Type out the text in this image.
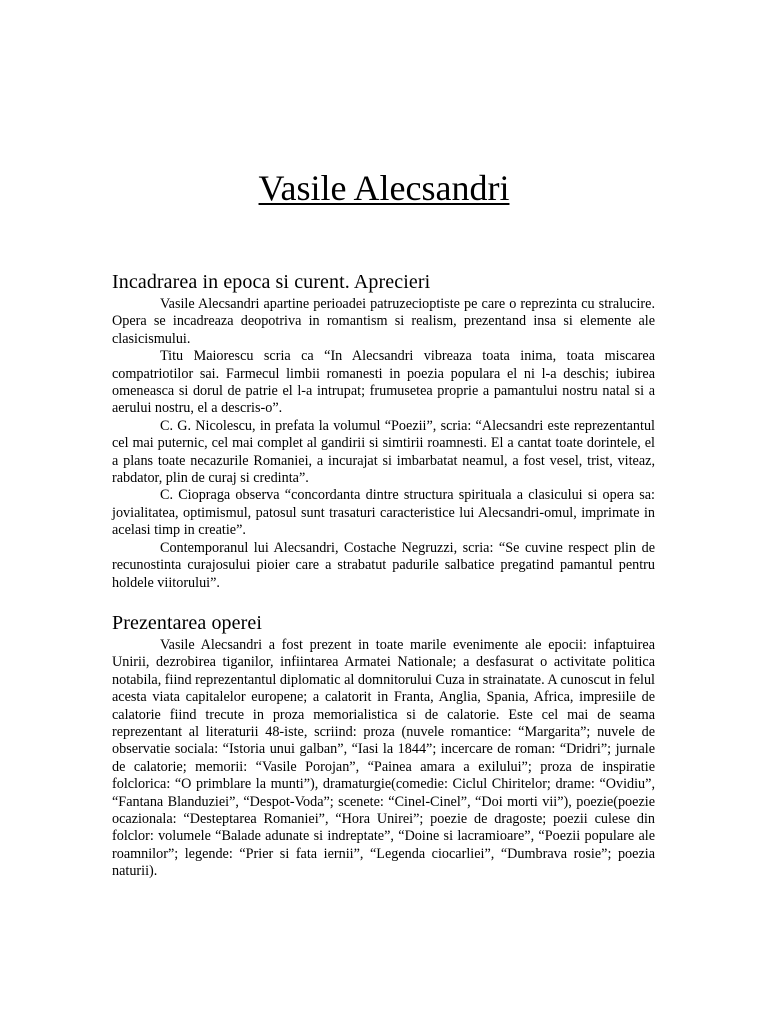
Vasile Alecsandri
Incadrarea in epoca si curent. Aprecieri

Vasile Alecsandri apartine perioadei patruzecioptiste pe care o reprezinta cu stralucire. Opera se incadreaza deopotriva in romantism si realism, prezentand insa si elemente ale clasicismului.

Titu Maiorescu scria ca “In Alecsandri vibreaza toata inima, toata miscarea compatriotilor sai. Farmecul limbii romanesti in poezia populara el ni l-a deschis; iubirea omeneasca si dorul de patrie el l-a intrupat; frumusetea proprie a pamantului nostru natal si a aerului nostru, el a descris-o”.

C. G. Nicolescu, in prefata la volumul “Poezii”, scria: “Alecsandri este reprezentantul cel mai puternic, cel mai complet al gandirii si simtirii roamnesti. El a cantat toate dorintele, el a plans toate necazurile Romaniei, a incurajat si imbarbatat neamul, a fost vesel, trist, viteaz, rabdator, plin de curaj si credinta”.

C. Ciopraga observa “concordanta dintre structura spirituala a clasicului si opera sa: jovialitatea, optimismul, patosul sunt trasaturi caracteristice lui Alecsandri-omul, imprimate in acelasi timp in creatie”.

Contemporanul lui Alecsandri, Costache Negruzzi, scria: “Se cuvine respect plin de recunostinta curajosului pioier care a strabatut padurile salbatice pregatind pamantul pentru holdele viitorului”.

Prezentarea operei

Vasile Alecsandri a fost prezent in toate marile evenimente ale epocii: infaptuirea Unirii, dezrobirea tiganilor, infiintarea Armatei Nationale; a desfasurat o activitate politica notabila, fiind reprezentantul diplomatic al domnitorului Cuza in strainatate. A cunoscut in felul acesta viata capitalelor europene; a calatorit in Franta, Anglia, Spania, Africa, impresiile de calatorie fiind trecute in proza memorialistica si de calatorie. Este cel mai de seama reprezentant al literaturii 48-iste, scriind: proza (nuvele romantice: “Margarita”; nuvele de observatie sociala: “Istoria unui galban”, “Iasi la 1844”; incercare de roman: “Dridri”; jurnale de calatorie; memorii: “Vasile Porojan”, “Painea amara a exilului”; proza de inspiratie folclorica: “O primblare la munti”), dramaturgie(comedie: Ciclul Chiritelor; drame: “Ovidiu”, “Fantana Blanduziei”, “Despot-Voda”; scenete: “Cinel-Cinel”, “Doi morti vii”), poezie(poezie ocazionala: “Desteptarea Romaniei”, “Hora Unirei”; poezie de dragoste; poezii culese din folclor: volumele “Balade adunate si indreptate”, “Doine si lacramioare”, “Poezii populare ale roamnilor”; legende: “Prier si fata iernii”, “Legenda ciocarliei”, “Dumbrava rosie”; poezia naturii).
